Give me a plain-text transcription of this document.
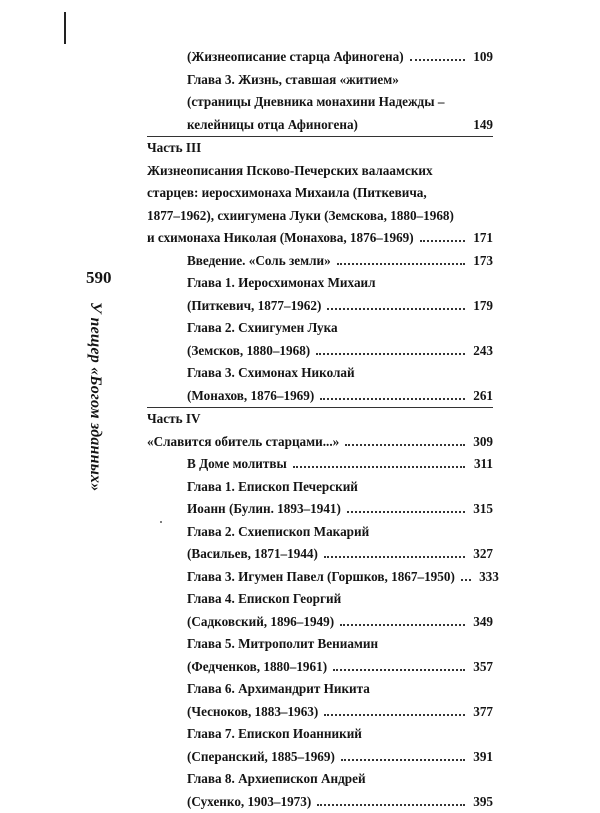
590
У пещер «Богом зданных»
(Жизнеописание старца Афиногена)	109
Глава 3. Жизнь, ставшая «житием»
(страницы Дневника монахини Надежды –
келейницы отца Афиногена)	149
Часть III
Жизнеописания Псково-Печерских валаамских
старцев: иеросхимонаха Михаила (Питкевича,
1877–1962), схиигумена Луки (Земскова, 1880–1968)
и схимонаха Николая (Монахова, 1876–1969)	171
Введение. «Соль земли»	173
Глава 1. Иеросхимонах Михаил
(Питкевич, 1877–1962)	179
Глава 2. Схиигумен Лука
(Земсков, 1880–1968)	243
Глава 3. Схимонах Николай
(Монахов, 1876–1969)	261
Часть IV
«Славится обитель старцами...»	309
В Доме молитвы	311
Глава 1. Епископ Печерский
Иоанн (Булин. 1893–1941)	315
Глава 2. Схиепископ Макарий
(Васильев, 1871–1944)	327
Глава 3. Игумен Павел (Горшков, 1867–1950)	333
Глава 4. Епископ Георгий
(Садковский, 1896–1949)	349
Глава 5. Митрополит Вениамин
(Федченков, 1880–1961)	357
Глава 6. Архимандрит Никита
(Чесноков, 1883–1963)	377
Глава 7. Епископ Иоанникий
(Сперанский, 1885–1969)	391
Глава 8. Архиепископ Андрей
(Сухенко, 1903–1973)	395
